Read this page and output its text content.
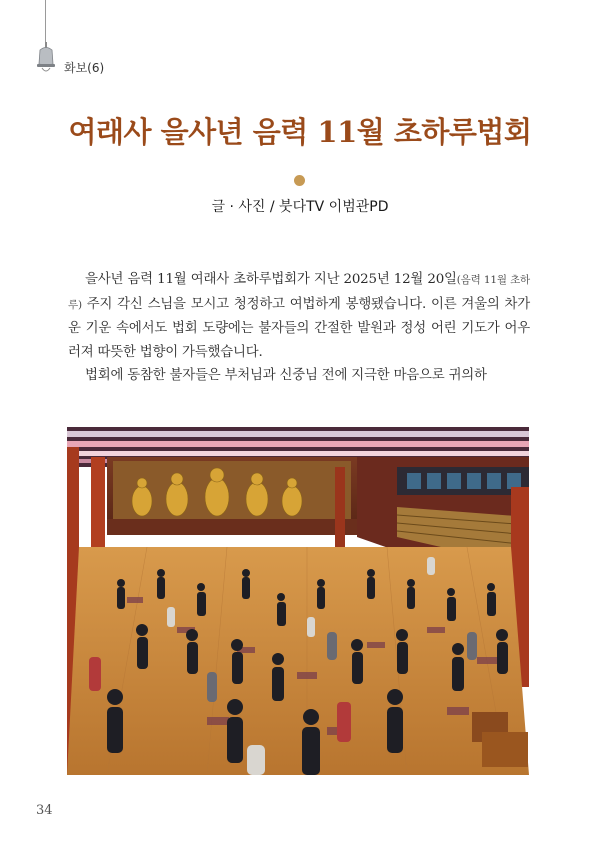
화보(6)
여래사 을사년 음력 11월 초하루법회
글 · 사진 / 붓다TV 이범관PD

을사년 음력 11월 여래사 초하루법회가 지난 2025년 12월 20일(음력 11월 초하루) 주지 각신 스님을 모시고 청정하고 여법하게 봉행됐습니다. 이른 겨울의 차가운 기운 속에서도 법회 도량에는 불자들의 간절한 발원과 정성 어린 기도가 어우러져 따뜻한 법향이 가득했습니다.

법회에 동참한 불자들은 부처님과 신중님 전에 지극한 마음으로 귀의하

34
